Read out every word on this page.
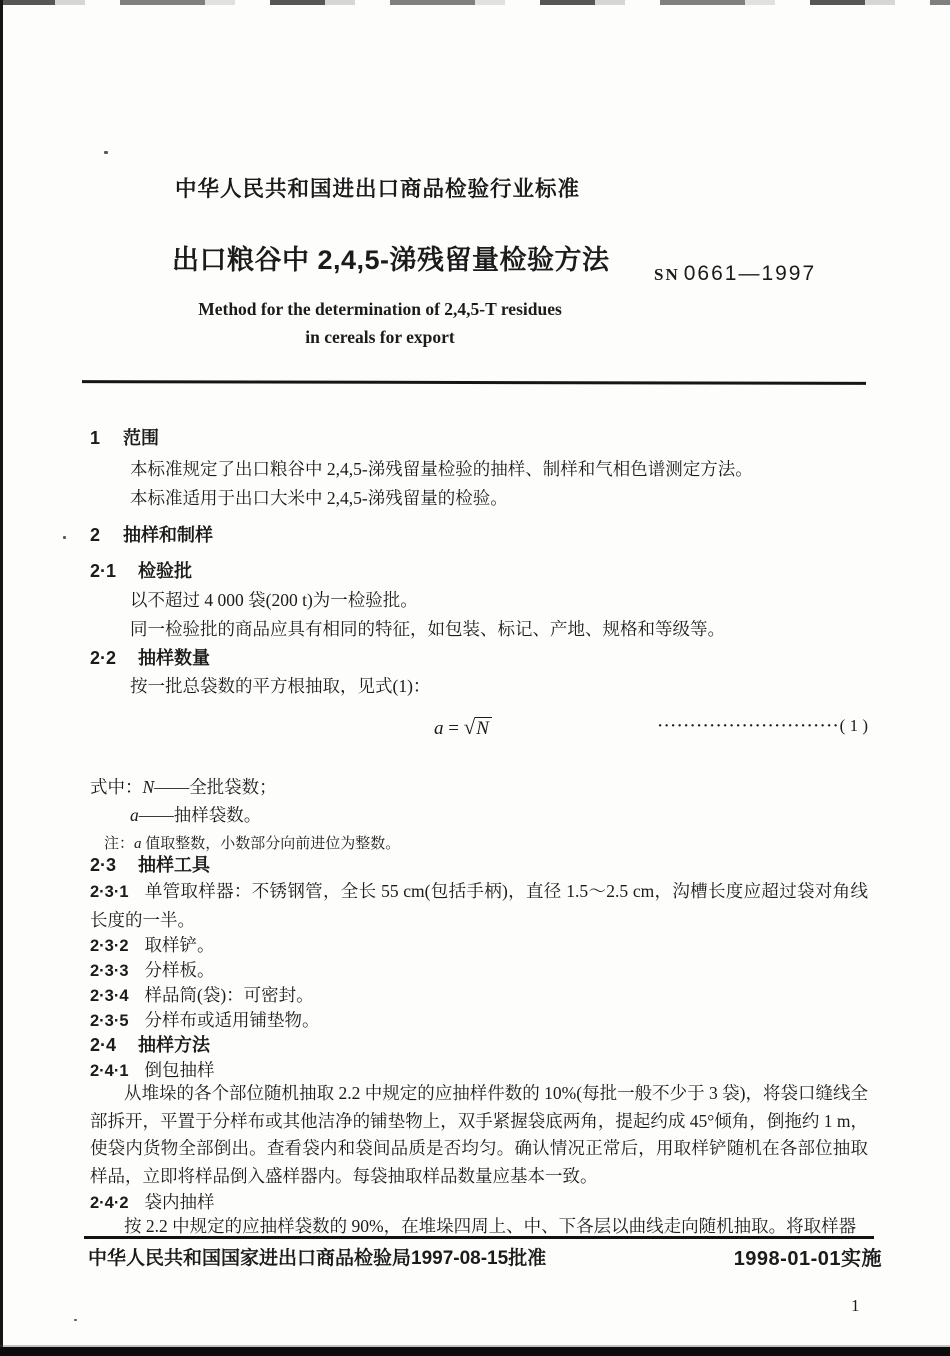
中华人民共和国进出口商品检验行业标准
出口粮谷中 2,4,5-涕残留量检验方法	SN 0661—1997
Method for the determination of 2,4,5-T residues
in cereals for export
1 范围
本标准规定了出口粮谷中 2,4,5-涕残留量检验的抽样、制样和气相色谱测定方法。
本标准适用于出口大米中 2,4,5-涕残留量的检验。
2 抽样和制样
2·1 检验批
以不超过 4 000 袋(200 t)为一检验批。
同一检验批的商品应具有相同的特征，如包装、标记、产地、规格和等级等。
2·2 抽样数量
按一批总袋数的平方根抽取，见式(1)：
a = √N	····························( 1 )
式中：N——全批袋数；
a——抽样袋数。
注：a 值取整数，小数部分向前进位为整数。
2·3 抽样工具
2·3·1 单管取样器：不锈钢管，全长 55 cm(包括手柄)，直径 1.5～2.5 cm，沟槽长度应超过袋对角线长度的一半。
2·3·2 取样铲。
2·3·3 分样板。
2·3·4 样品筒(袋)：可密封。
2·3·5 分样布或适用铺垫物。
2·4 抽样方法
2·4·1 倒包抽样
从堆垛的各个部位随机抽取 2.2 中规定的应抽样件数的 10%(每批一般不少于 3 袋)，将袋口缝线全部拆开，平置于分样布或其他洁净的铺垫物上，双手紧握袋底两角，提起约成 45°倾角，倒拖约 1 m，使袋内货物全部倒出。查看袋内和袋间品质是否均匀。确认情况正常后，用取样铲随机在各部位抽取样品，立即将样品倒入盛样器内。每袋抽取样品数量应基本一致。
2·4·2 袋内抽样
按 2.2 中规定的应抽样袋数的 90%，在堆垛四周上、中、下各层以曲线走向随机抽取。将取样器
中华人民共和国国家进出口商品检验局1997-08-15批准	1998-01-01实施
1
